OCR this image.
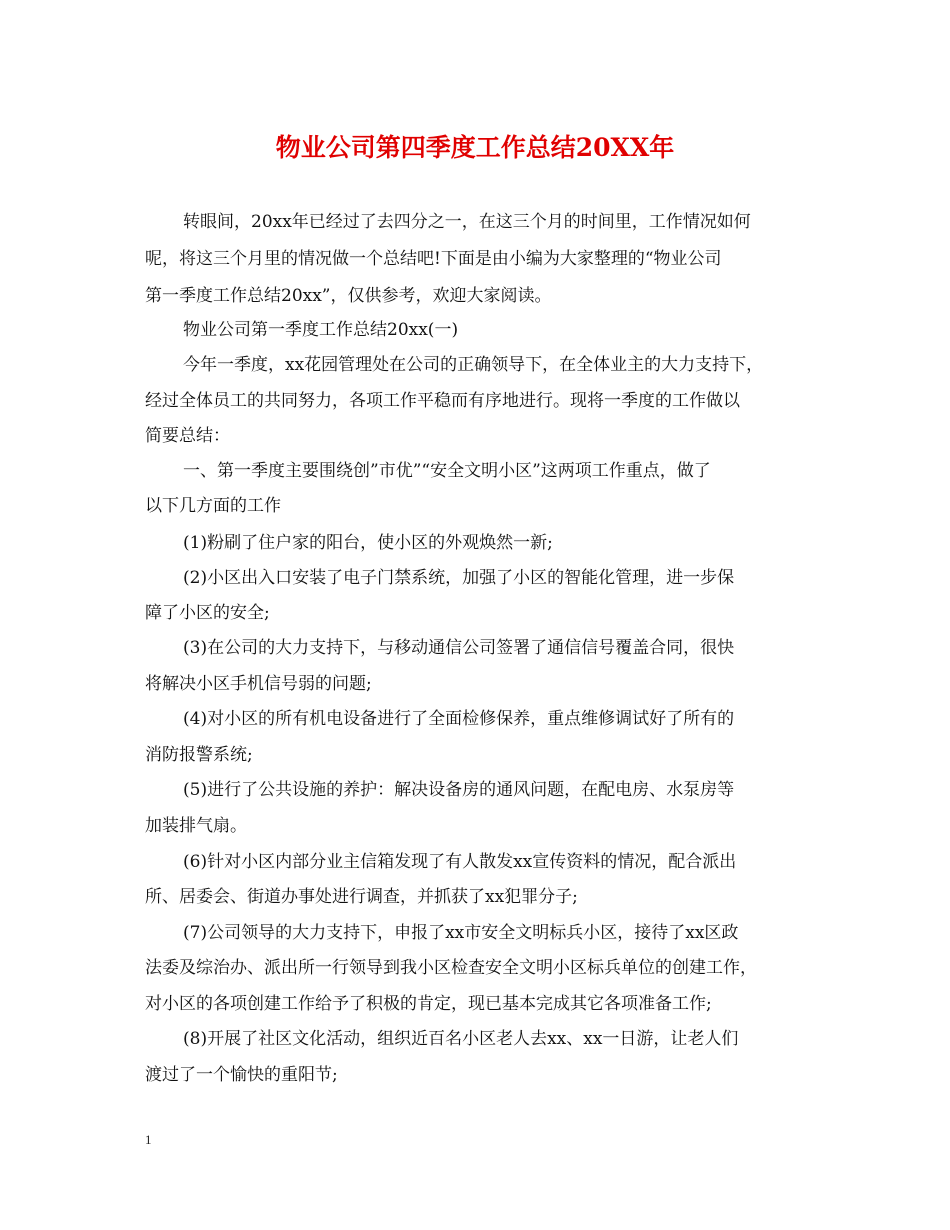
物业公司第四季度工作总结20XX年

转眼间，20xx年已经过了去四分之一，在这三个月的时间里，工作情况如何

呢，将这三个月里的情况做一个总结吧!下面是由小编为大家整理的“物业公司

第一季度工作总结20xx”，仅供参考，欢迎大家阅读。

物业公司第一季度工作总结20xx(一)

今年一季度，xx花园管理处在公司的正确领导下，在全体业主的大力支持下，

经过全体员工的共同努力，各项工作平稳而有序地进行。现将一季度的工作做以

简要总结：

一、第一季度主要围绕创”市优”“安全文明小区”这两项工作重点，做了

以下几方面的工作

(1)粉刷了住户家的阳台，使小区的外观焕然一新;

(2)小区出入口安装了电子门禁系统，加强了小区的智能化管理，进一步保

障了小区的安全;

(3)在公司的大力支持下，与移动通信公司签署了通信信号覆盖合同，很快

将解决小区手机信号弱的问题;

(4)对小区的所有机电设备进行了全面检修保养，重点维修调试好了所有的

消防报警系统;

(5)进行了公共设施的养护：解决设备房的通风问题，在配电房、水泵房等

加装排气扇。

(6)针对小区内部分业主信箱发现了有人散发xx宣传资料的情况，配合派出

所、居委会、街道办事处进行调查，并抓获了xx犯罪分子;

(7)公司领导的大力支持下，申报了xx市安全文明标兵小区，接待了xx区政

法委及综治办、派出所一行领导到我小区检查安全文明小区标兵单位的创建工作，

对小区的各项创建工作给予了积极的肯定，现已基本完成其它各项准备工作;

(8)开展了社区文化活动，组织近百名小区老人去xx、xx一日游，让老人们

渡过了一个愉快的重阳节;

1
